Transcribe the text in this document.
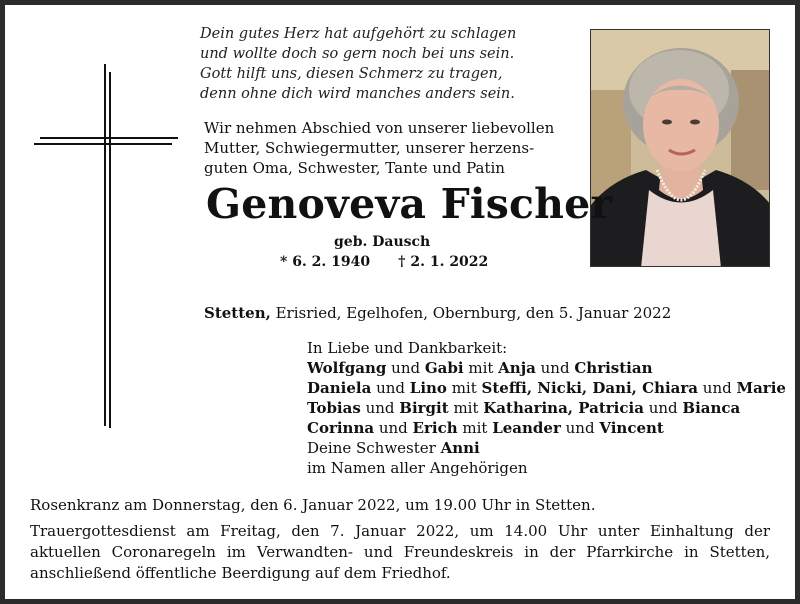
Dein gutes Herz hat aufgehört zu schlagen
und wollte doch so gern noch bei uns sein.
Gott hilft uns, diesen Schmerz zu tragen,
denn ohne dich wird manches anders sein.
Wir nehmen Abschied von unserer liebevollen
Mutter, Schwiegermutter, unserer herzens-
guten Oma, Schwester, Tante und Patin
Genoveva Fischer
geb. Dausch
* 6. 2. 1940 † 2. 1. 2022
Stetten, Erisried, Egelhofen, Obernburg, den 5. Januar 2022
In Liebe und Dankbarkeit:
Wolfgang und Gabi mit Anja und Christian
Daniela und Lino mit Steffi, Nicki, Dani, Chiara und Marie
Tobias und Birgit mit Katharina, Patricia und Bianca
Corinna und Erich mit Leander und Vincent
Deine Schwester Anni
im Namen aller Angehörigen
Rosenkranz am Donnerstag, den 6. Januar 2022, um 19.00 Uhr in Stetten.
Trauergottesdienst am Freitag, den 7. Januar 2022, um 14.00 Uhr unter Einhaltung der aktuellen Coronaregeln im Verwandten- und Freundeskreis in der Pfarrkirche in Stetten, anschließend öffentliche Beerdigung auf dem Friedhof.
